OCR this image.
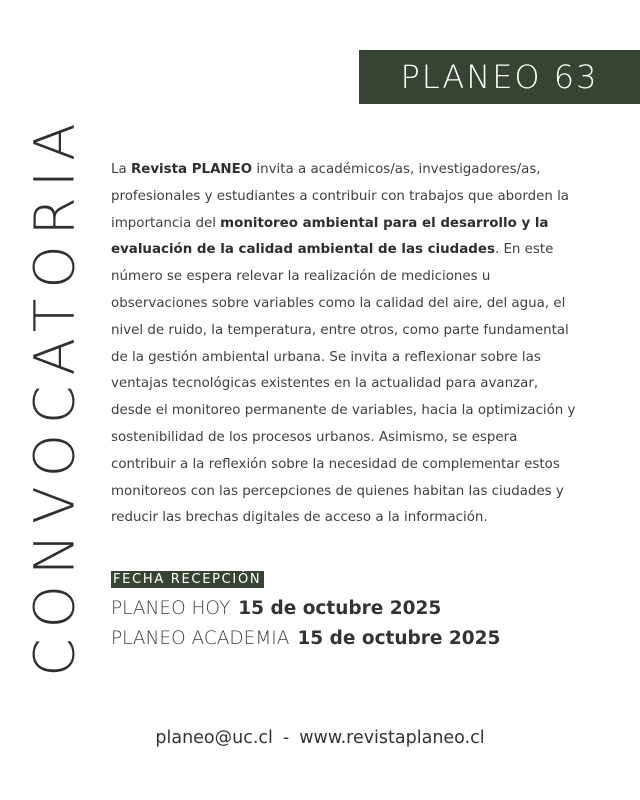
CONVOCATORIA
PLANEO 63

La Revista PLANEO invita a académicos/as, investigadores/as, profesionales y estudiantes a contribuir con trabajos que aborden la importancia del monitoreo ambiental para el desarrollo y la evaluación de la calidad ambiental de las ciudades. En este número se espera relevar la realización de mediciones u observaciones sobre variables como la calidad del aire, del agua, el nivel de ruido, la temperatura, entre otros, como parte fundamental de la gestión ambiental urbana. Se invita a reflexionar sobre las ventajas tecnológicas existentes en la actualidad para avanzar, desde el monitoreo permanente de variables, hacia la optimización y sostenibilidad de los procesos urbanos. Asimismo, se espera contribuir a la reflexión sobre la necesidad de complementar estos monitoreos con las percepciones de quienes habitan las ciudades y reducir las brechas digitales de acceso a la información.

FECHA RECEPCIÓN
PLANEO HOY 15 de octubre 2025
PLANEO ACADEMIA 15 de octubre 2025
planeo@uc.cl - www.revistaplaneo.cl
